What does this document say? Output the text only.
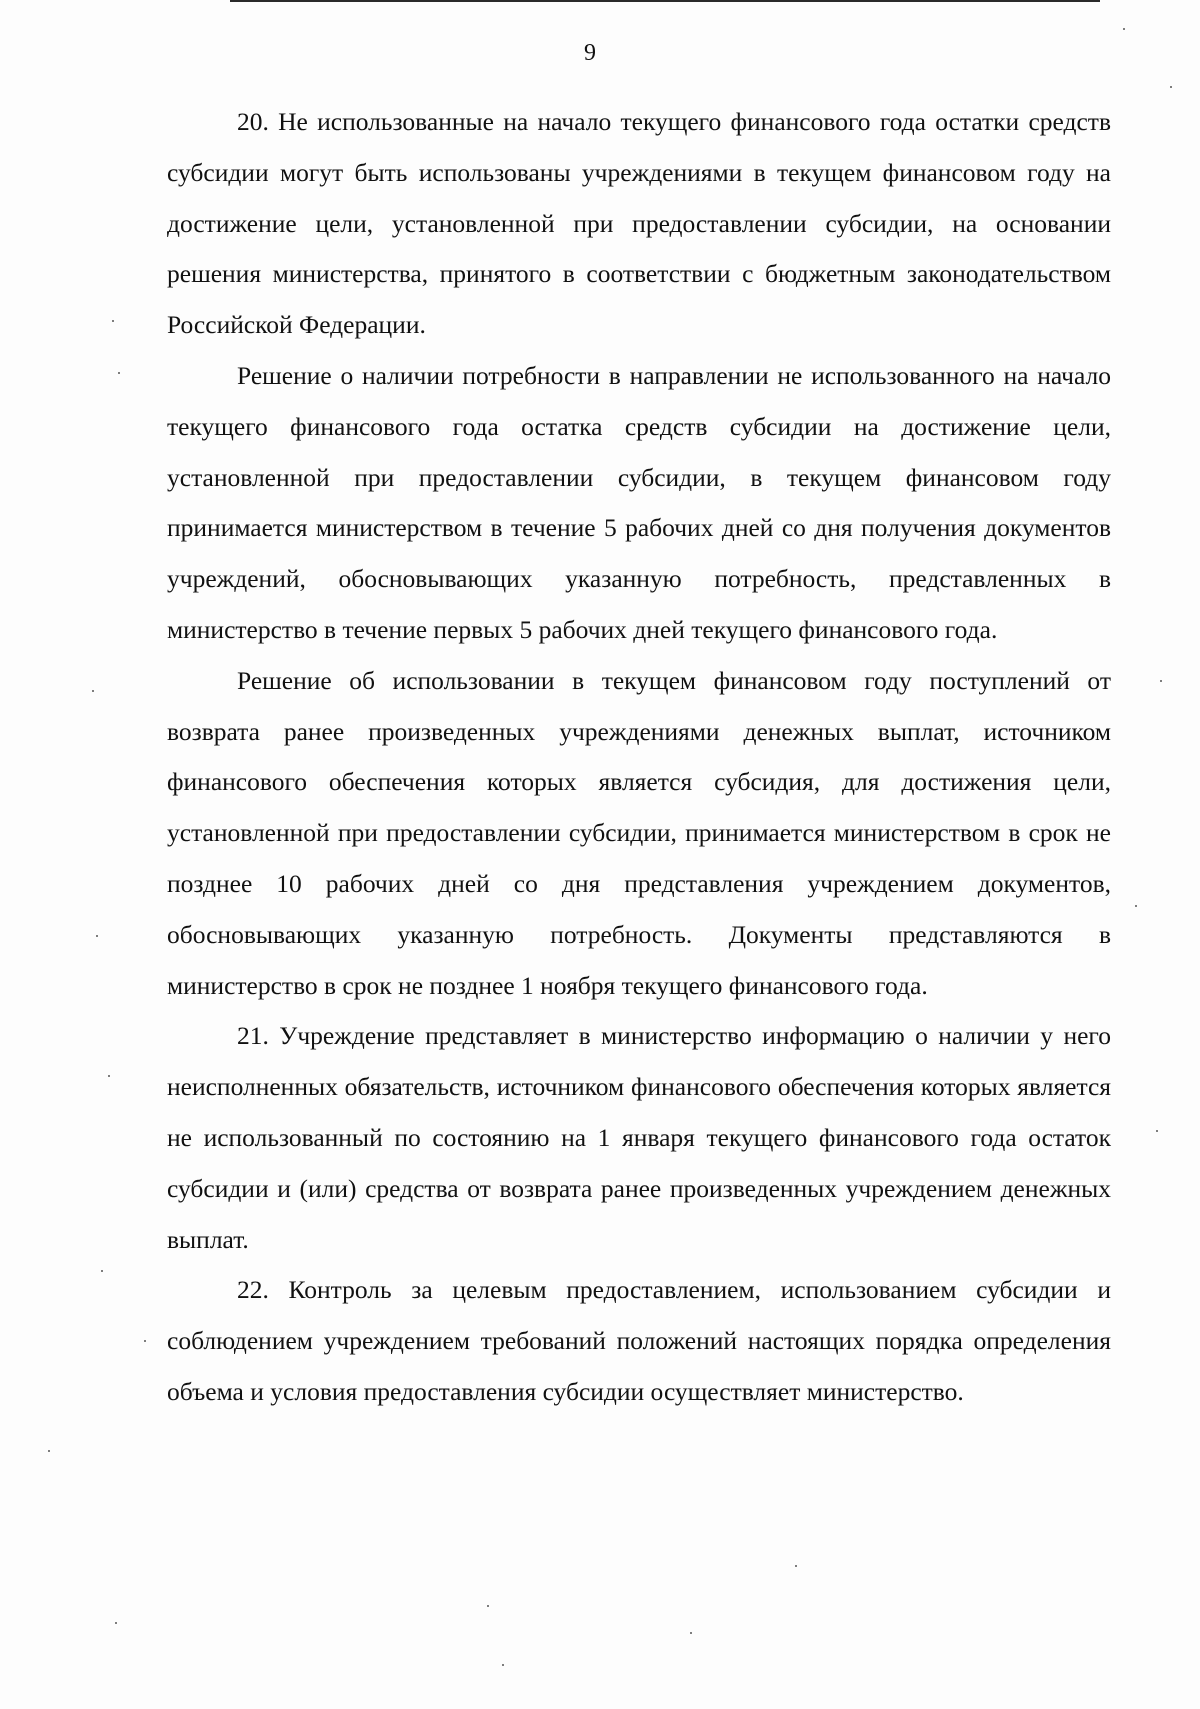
9

20. Не использованные на начало текущего финансового года остатки средств субсидии могут быть использованы учреждениями в текущем финансовом году на достижение цели, установленной при предоставлении субсидии, на основании решения министерства, принятого в соответствии с бюджетным законодательством Российской Федерации.

Решение о наличии потребности в направлении не использованного на начало текущего финансового года остатка средств субсидии на достижение цели, установленной при предоставлении субсидии, в текущем финансовом году принимается министерством в течение 5 рабочих дней со дня получения документов учреждений, обосновывающих указанную потребность, представленных в министерство в течение первых 5 рабочих дней текущего финансового года.

Решение об использовании в текущем финансовом году поступлений от возврата ранее произведенных учреждениями денежных выплат, источником финансового обеспечения которых является субсидия, для достижения цели, установленной при предоставлении субсидии, принимается министерством в срок не позднее 10 рабочих дней со дня представления учреждением документов, обосновывающих указанную потребность. Документы представляются в министерство в срок не позднее 1 ноября текущего финансового года.

21. Учреждение представляет в министерство информацию о наличии у него неисполненных обязательств, источником финансового обеспечения которых является не использованный по состоянию на 1 января текущего финансового года остаток субсидии и (или) средства от возврата ранее произведенных учреждением денежных выплат.

22. Контроль за целевым предоставлением, использованием субсидии и соблюдением учреждением требований положений настоящих порядка определения объема и условия предоставления субсидии осуществляет министерство.
